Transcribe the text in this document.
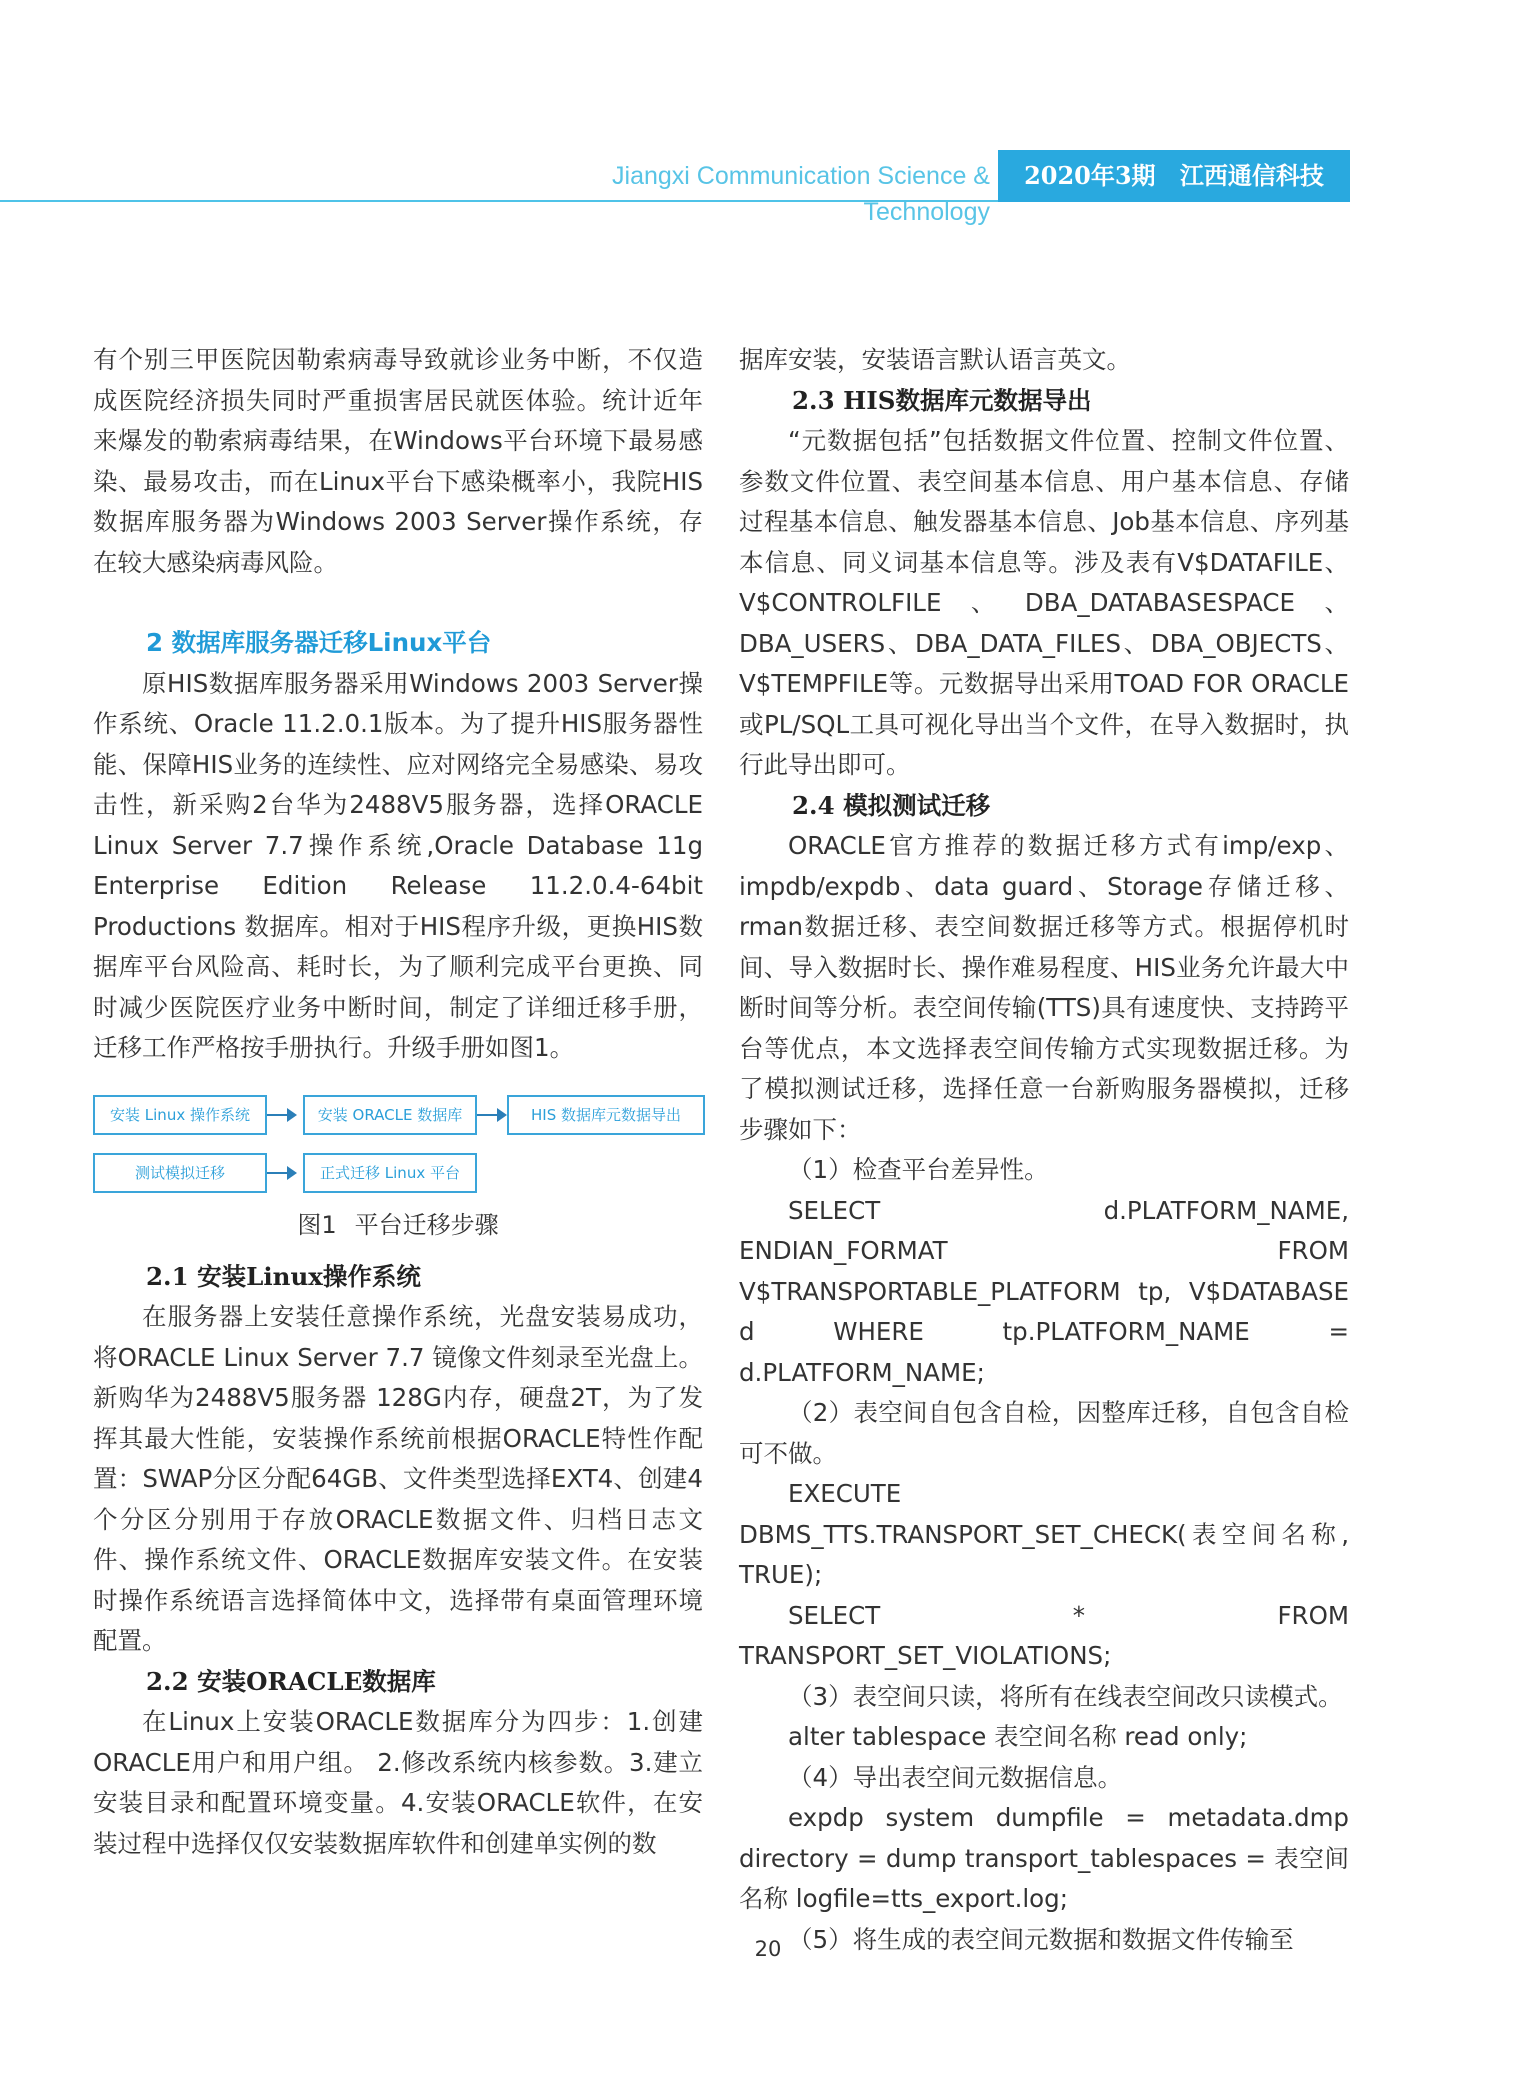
Jiangxi Communication Science & Technology
2020年3期 江西通信科技

有个别三甲医院因勒索病毒导致就诊业务中断，不仅造成医院经济损失同时严重损害居民就医体验。统计近年来爆发的勒索病毒结果，在Windows平台环境下最易感染、最易攻击，而在Linux平台下感染概率小，我院HIS数据库服务器为Windows 2003 Server操作系统，存在较大感染病毒风险。

2 数据库服务器迁移Linux平台

原HIS数据库服务器采用Windows 2003 Server操作系统、Oracle 11.2.0.1版本。为了提升HIS服务器性能、保障HIS业务的连续性、应对网络完全易感染、易攻击性，新采购2台华为2488V5服务器，选择ORACLE Linux Server 7.7操作系统,Oracle Database 11g Enterprise Edition Release 11.2.0.4-64bit Productions 数据库。相对于HIS程序升级，更换HIS数据库平台风险高、耗时长，为了顺利完成平台更换、同时减少医院医疗业务中断时间，制定了详细迁移手册，迁移工作严格按手册执行。升级手册如图1。

安装 Linux 操作系统	安装 ORACLE 数据库	HIS 数据库元数据导出
测试模拟迁移	正式迁移 Linux 平台
图1 平台迁移步骤
2.1 安装Linux操作系统

在服务器上安装任意操作系统，光盘安装易成功，将ORACLE Linux Server 7.7 镜像文件刻录至光盘上。新购华为2488V5服务器 128G内存，硬盘2T，为了发挥其最大性能，安装操作系统前根据ORACLE特性作配置：SWAP分区分配64GB、文件类型选择EXT4、创建4个分区分别用于存放ORACLE数据文件、归档日志文件、操作系统文件、ORACLE数据库安装文件。在安装时操作系统语言选择简体中文，选择带有桌面管理环境配置。

2.2 安装ORACLE数据库

在Linux上安装ORACLE数据库分为四步：1.创建ORACLE用户和用户组。 2.修改系统内核参数。3.建立安装目录和配置环境变量。4.安装ORACLE软件，在安装过程中选择仅仅安装数据库软件和创建单实例的数

据库安装，安装语言默认语言英文。

2.3 HIS数据库元数据导出

“元数据包括”包括数据文件位置、控制文件位置、参数文件位置、表空间基本信息、用户基本信息、存储过程基本信息、触发器基本信息、Job基本信息、序列基本信息、同义词基本信息等。涉及表有V$DATAFILE、V$CONTROLFILE、DBA_DATABASESPACE、DBA_USERS、DBA_DATA_FILES、DBA_OBJECTS、V$TEMPFILE等。元数据导出采用TOAD FOR ORACLE或PL/SQL工具可视化导出当个文件，在导入数据时，执行此导出即可。

2.4 模拟测试迁移

ORACLE官方推荐的数据迁移方式有imp/exp、impdb/expdb、data guard、Storage存储迁移、rman数据迁移、表空间数据迁移等方式。根据停机时间、导入数据时长、操作难易程度、HIS业务允许最大中断时间等分析。表空间传输(TTS)具有速度快、支持跨平台等优点，本文选择表空间传输方式实现数据迁移。为了模拟测试迁移，选择任意一台新购服务器模拟，迁移步骤如下：

（1）检查平台差异性。

SELECT d.PLATFORM_NAME, ENDIAN_FORMAT FROM V$TRANSPORTABLE_PLATFORM tp, V$DATABASE d WHERE tp.PLATFORM_NAME = d.PLATFORM_NAME;

（2）表空间自包含自检，因整库迁移，自包含自检可不做。

EXECUTE DBMS_TTS.TRANSPORT_SET_CHECK(表空间名称, TRUE);

SELECT * FROM TRANSPORT_SET_VIOLATIONS;

（3）表空间只读，将所有在线表空间改只读模式。

alter tablespace 表空间名称 read only;

（4）导出表空间元数据信息。

expdp system dumpfile = metadata.dmp directory = dump transport_tablespaces = 表空间名称 logfile=tts_export.log;

（5）将生成的表空间元数据和数据文件传输至

20
